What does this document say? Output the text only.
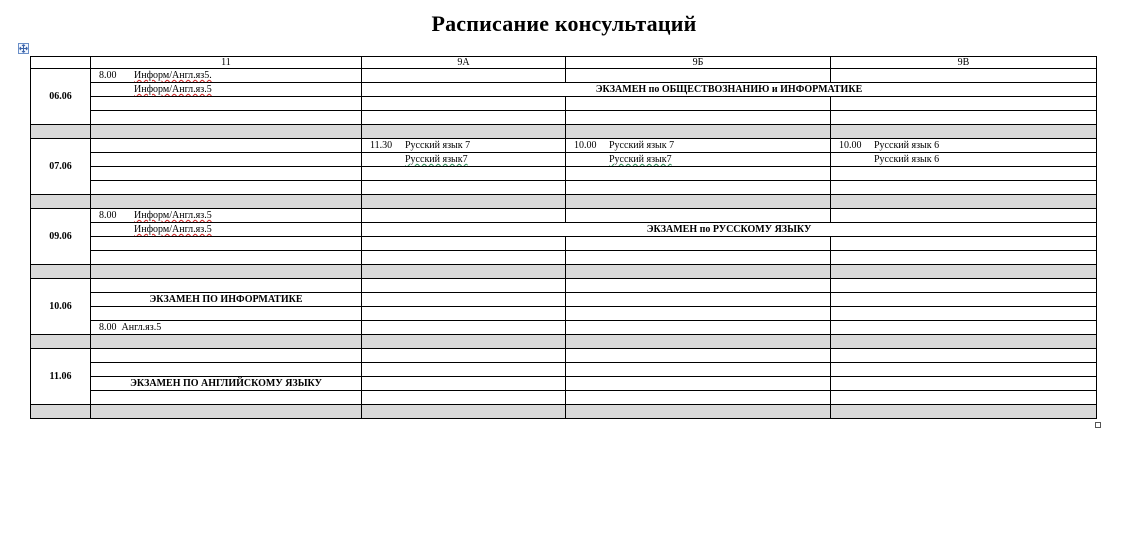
Расписание консультаций
	11	9А	9Б	9В
06.06	8.00 Информ/Англ.яз5.			
	Информ/Англ.яз.5	ЭКЗАМЕН по ОБЩЕСТВОЗНАНИЮ и ИНФОРМАТИКЕ		

07.06		11.30 Русский язык 7	10.00 Русский язык 7	10.00 Русский язык 6
		Русский язык7	Русский язык7	Русский язык 6

09.06	8.00 Информ/Англ.яз.5			
	Информ/Англ.яз.5	ЭКЗАМЕН по РУССКОМУ ЯЗЫКУ		

10.06				
	ЭКЗАМЕН ПО ИНФОРМАТИКЕ			

	8.00  Англ.яз.5			

11.06				

	ЭКЗАМЕН ПО АНГЛИЙСКОМУ ЯЗЫКУ			
